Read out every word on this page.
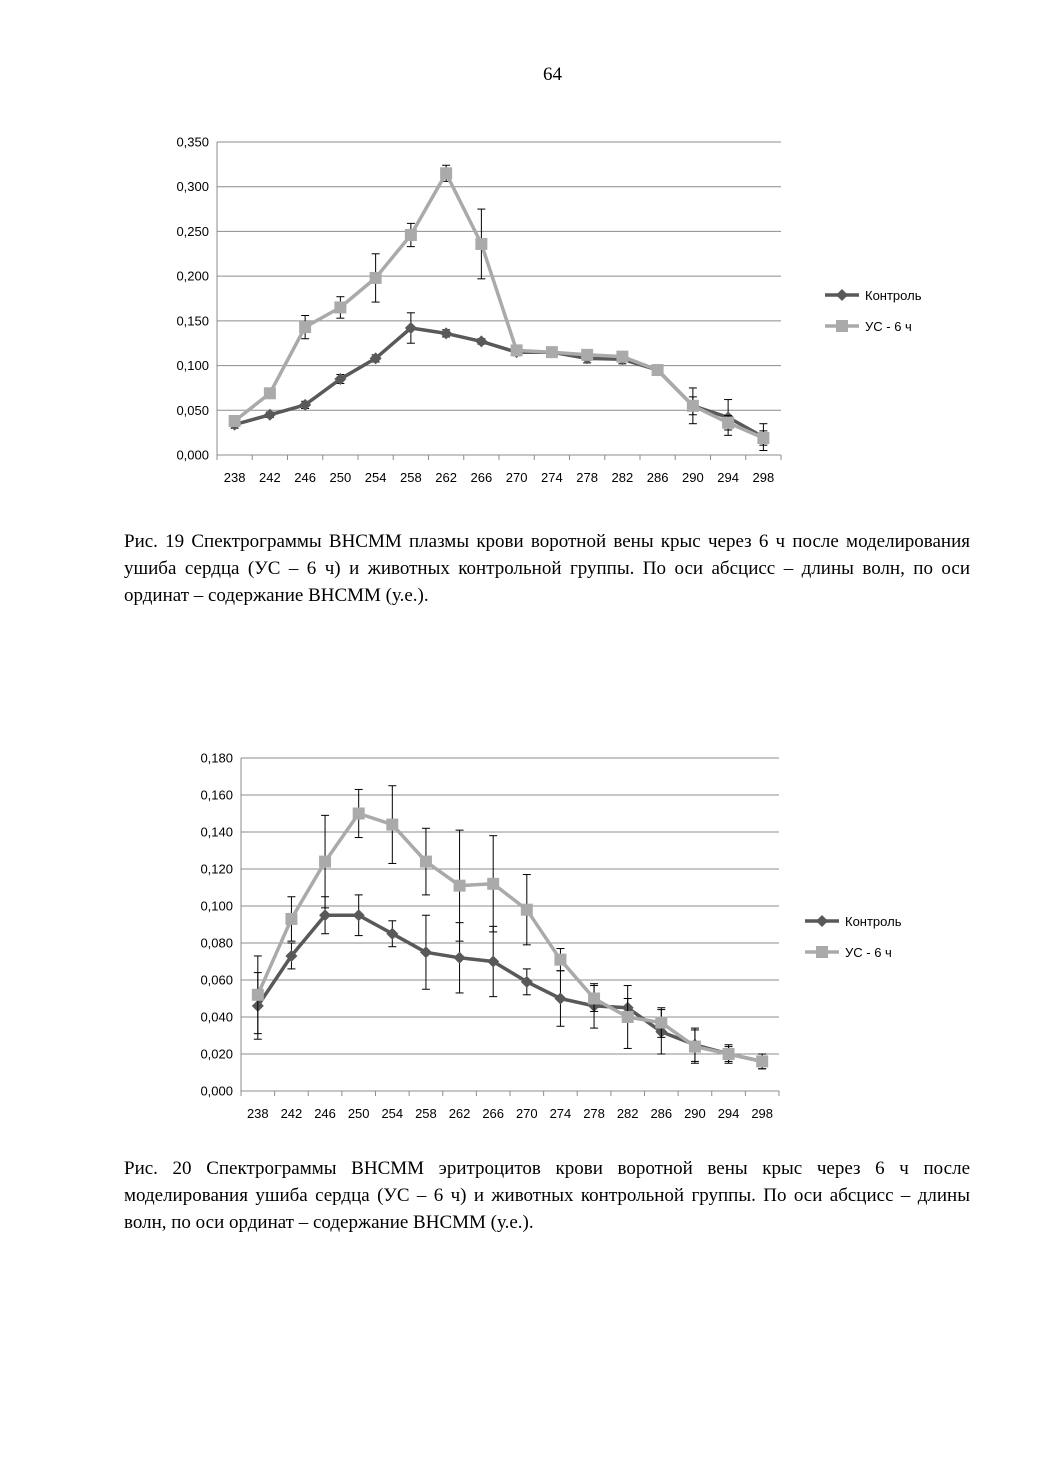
64
0,000
0,050
0,100
0,150
0,200
0,250
0,300
0,350
238 242 246 250 254 258 262 266 270 274 278 282 286 290 294 298
Контроль
УС - 6 ч
Рис. 19 Спектрограммы ВНСММ плазмы крови воротной вены крыс через 6 ч после моделирования ушиба сердца (УС – 6 ч) и животных контрольной группы. По оси абсцисс – длины волн, по оси ординат – содержание ВНСММ (у.е.).
0,000
0,020
0,040
0,060
0,080
0,100
0,120
0,140
0,160
0,180
238 242 246 250 254 258 262 266 270 274 278 282 286 290 294 298
Контроль
УС - 6 ч
Рис. 20 Спектрограммы ВНСММ эритроцитов крови воротной вены крыс через 6 ч после моделирования ушиба сердца (УС – 6 ч) и животных контрольной группы. По оси абсцисс – длины волн, по оси ординат – содержание ВНСММ (у.е.).
